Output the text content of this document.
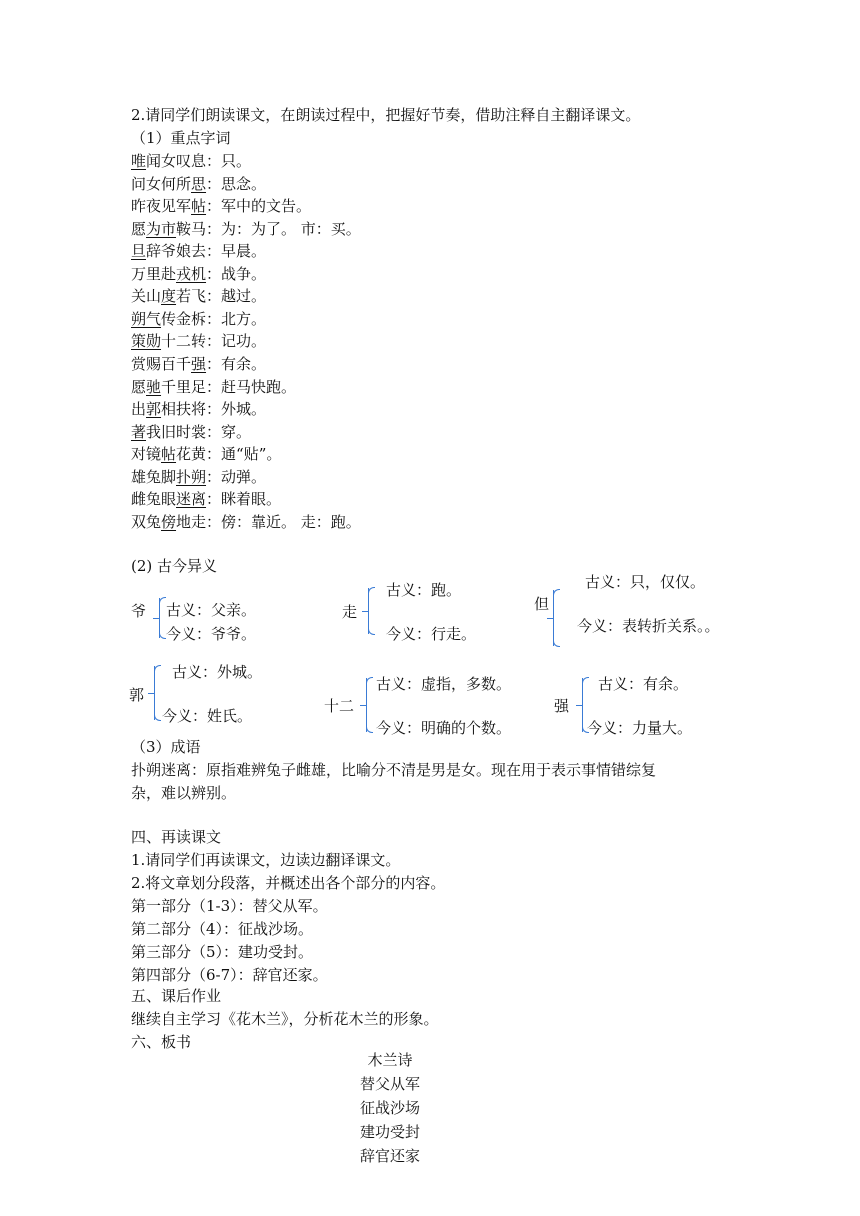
2.请同学们朗读课文，在朗读过程中，把握好节奏，借助注释自主翻译课文。
（1）重点字词
唯闻女叹息：只。
问女何所思：思念。
昨夜见军帖：军中的文告。
愿为市鞍马：为：为了。 市：买。
旦辞爷娘去：早晨。
万里赴戎机：战争。
关山度若飞：越过。
朔气传金柝：北方。
策勋十二转：记功。
赏赐百千强：有余。
愿驰千里足：赶马快跑。
出郭相扶将：外城。
著我旧时裳：穿。
对镜帖花黄：通“贴”。
雄兔脚扑朔：动弹。
雌兔眼迷离：眯着眼。
双兔傍地走：傍：靠近。 走：跑。
(2) 古今异义
爷 古义：父亲。
今义：爷爷。
走
古义：跑。
今义：行走。
但
古义：只，仅仅。
今义：表转折关系。。
郭
古义：外城。
今义：姓氏。
十二
古义：虚指，多数。
今义：明确的个数。
强
古义：有余。
今义：力量大。
（3）成语
扑朔迷离：原指难辨兔子雌雄，比喻分不清是男是女。现在用于表示事情错综复
杂，难以辨别。
四、再读课文
1.请同学们再读课文，边读边翻译课文。
2.将文章划分段落，并概述出各个部分的内容。
第一部分（1-3）：替父从军。
第二部分（4）：征战沙场。
第三部分（5）：建功受封。
第四部分（6-7）：辞官还家。
五、课后作业
继续自主学习《花木兰》，分析花木兰的形象。
六、板书
木兰诗
替父从军
征战沙场
建功受封
辞官还家
